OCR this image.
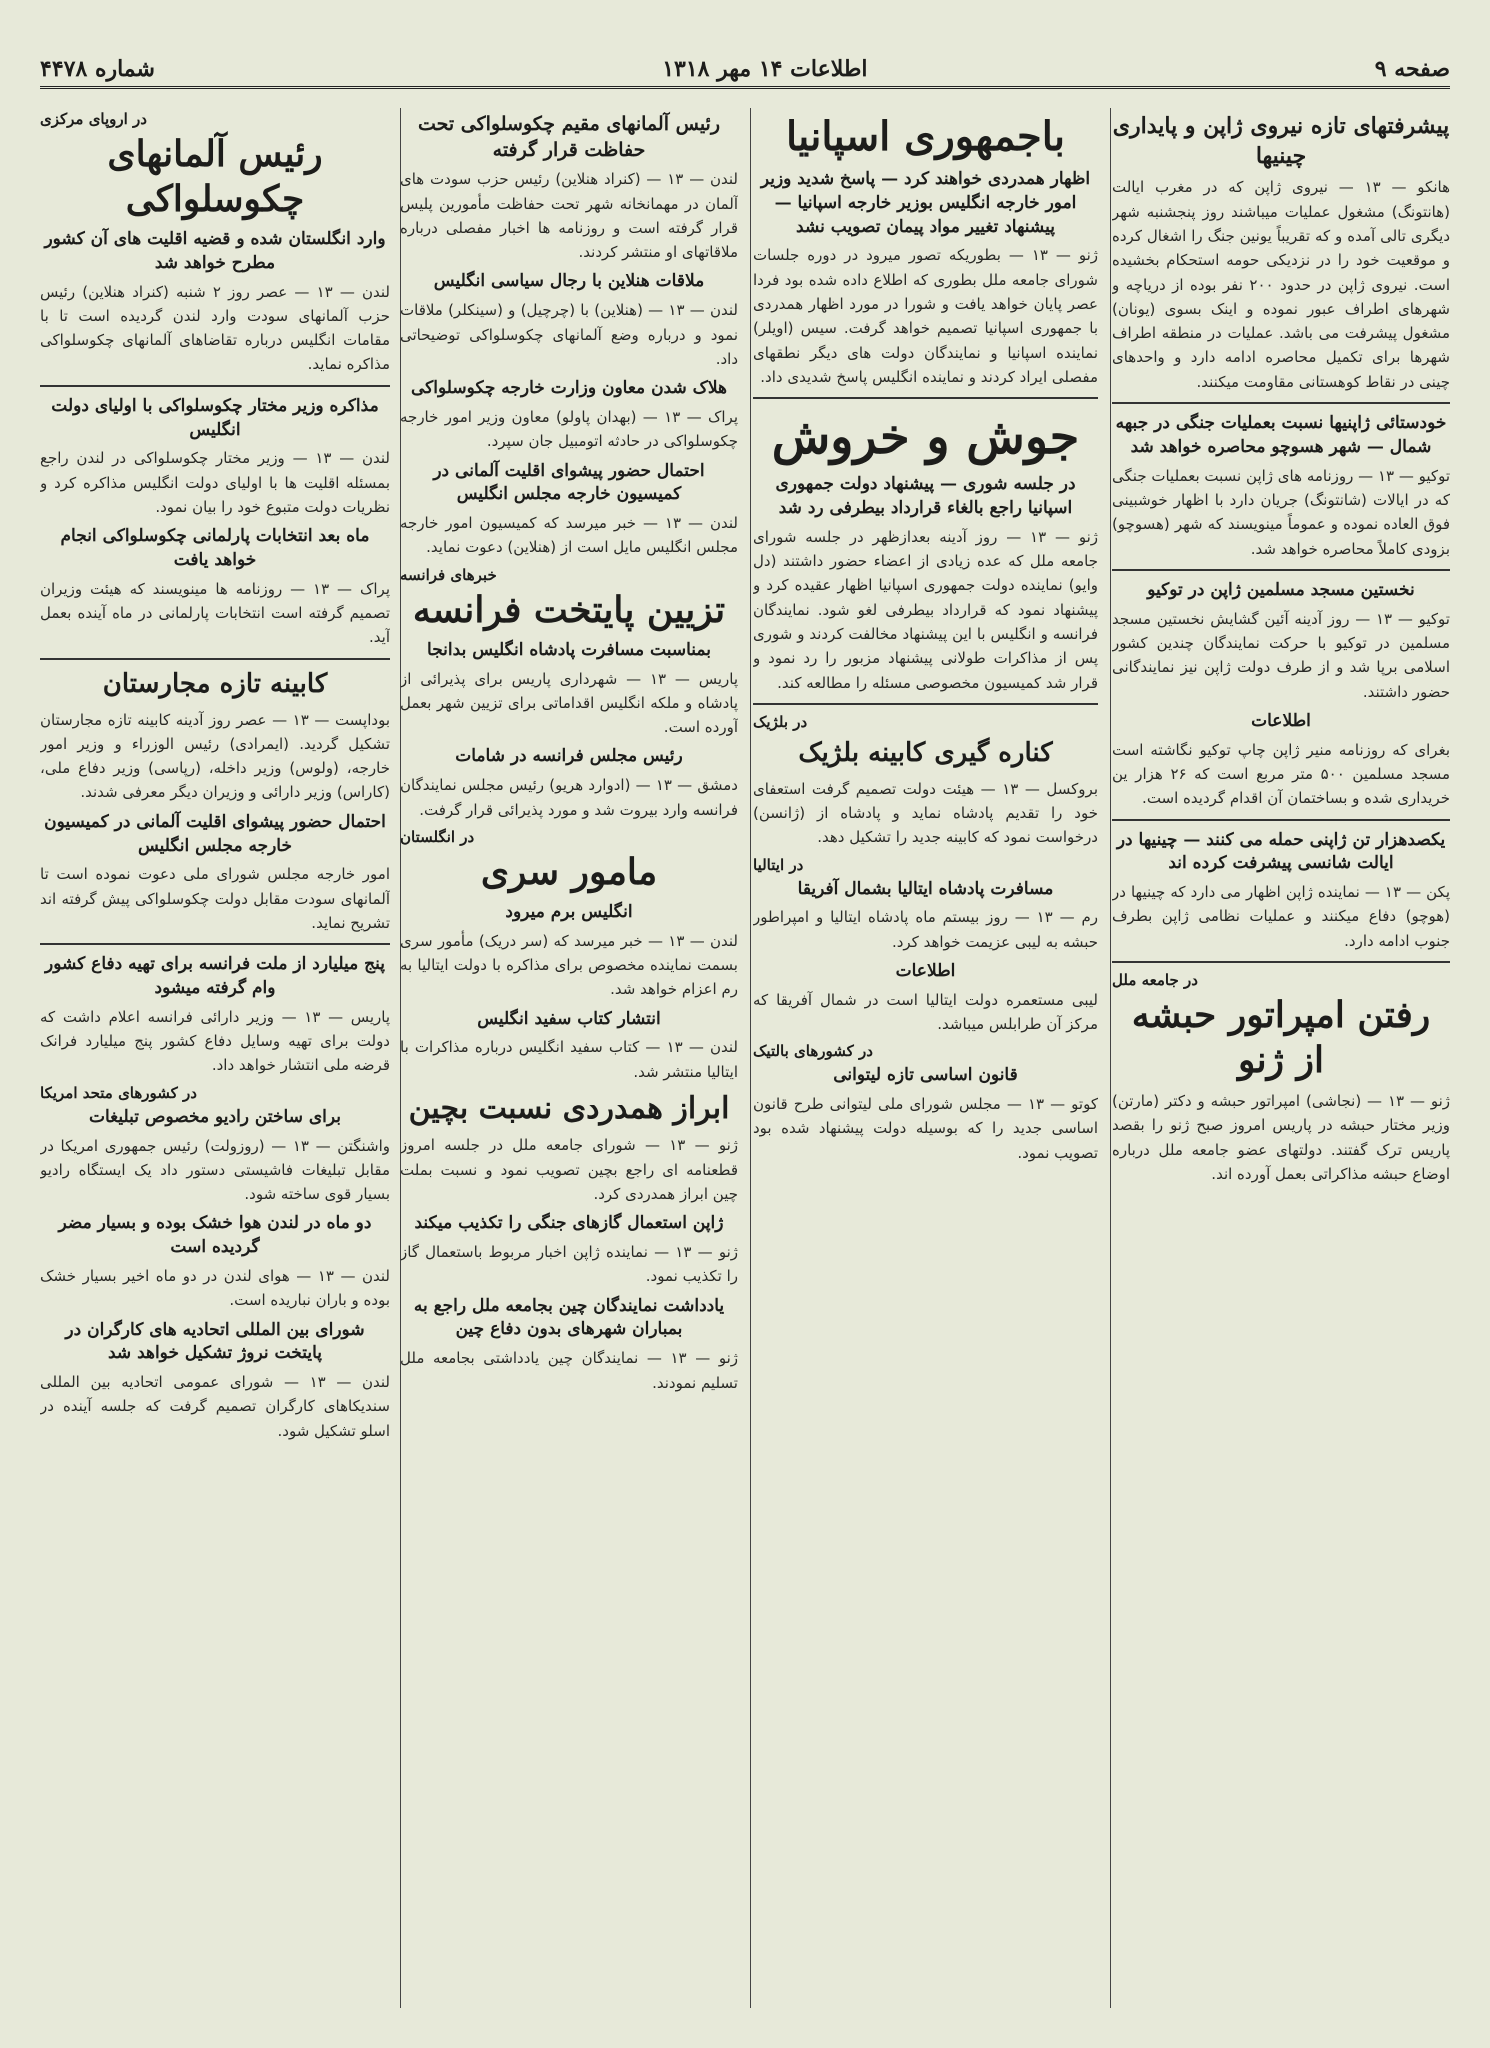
صفحه ۹
اطلاعات ۱۴ مهر ۱۳۱۸
شماره ۴۴۷۸
پیشرفتهای تازه نیروی ژاپن و پایداری چینیها
هانکو — ۱۳ — نیروی ژاپن که در مغرب ایالت (هانتونگ) مشغول عملیات میباشند روز پنجشنبه شهر دیگری تالی آمده و که تقریباً یونین جنگ را اشغال کرده و موقعیت خود را در نزدیکی حومه استحکام بخشیده است. نیروی ژاپن در حدود ۲۰۰ نفر بوده از دریاچه و شهرهای اطراف عبور نموده و اینک بسوی (یونان) مشغول پیشرفت می باشد. عملیات در منطقه اطراف شهرها برای تکمیل محاصره ادامه دارد و واحدهای چینی در نقاط کوهستانی مقاومت میکنند.
خودستائی ژاپنیها نسبت بعملیات جنگی در جبهه شمال — شهر هسوچو محاصره خواهد شد
توکیو — ۱۳ — روزنامه های ژاپن نسبت بعملیات جنگی که در ایالات (شانتونگ) جریان دارد با اظهار خوشبینی فوق العاده نموده و عموماً مینویسند که شهر (هسوچو) بزودی کاملاً محاصره خواهد شد.
نخستین مسجد مسلمین ژاپن در توکیو
توکیو — ۱۳ — روز آدینه آئین گشایش نخستین مسجد مسلمین در توکیو با حرکت نمایندگان چندین کشور اسلامی برپا شد و از طرف دولت ژاپن نیز نمایندگانی حضور داشتند.
اطلاعات
بغرای که روزنامه منیر ژاپن چاپ توکیو نگاشته است مسجد مسلمین ۵۰۰ متر مربع است که ۲۶ هزار ین خریداری شده و بساختمان آن اقدام گردیده است.
یکصدهزار تن ژاپنی حمله می کنند — چینیها در ایالت شانسی پیشرفت کرده اند
پکن — ۱۳ — نماینده ژاپن اظهار می دارد که چینیها در (هوچو) دفاع میکنند و عملیات نظامی ژاپن بطرف جنوب ادامه دارد.
در جامعه ملل
رفتن امپراتور حبشه از ژنو
ژنو — ۱۳ — (نجاشی) امپراتور حبشه و دکتر (مارتن) وزیر مختار حبشه در پاریس امروز صبح ژنو را بقصد پاریس ترک گفتند. دولتهای عضو جامعه ملل درباره اوضاع حبشه مذاکراتی بعمل آورده اند.
باجمهوری اسپانیا
اظهار همدردی خواهند کرد — پاسخ شدید وزیر امور خارجه انگلیس بوزیر خارجه اسپانیا — پیشنهاد تغییر مواد پیمان تصویب نشد
ژنو — ۱۳ — بطوریکه تصور میرود در دوره جلسات شورای جامعه ملل بطوری که اطلاع داده شده بود فردا عصر پایان خواهد یافت و شورا در مورد اظهار همدردی با جمهوری اسپانیا تصمیم خواهد گرفت. سیس (اویلر) نماینده اسپانیا و نمایندگان دولت های دیگر نطقهای مفصلی ایراد کردند و نماینده انگلیس پاسخ شدیدی داد.
جوش و خروش
در جلسه شوری — پیشنهاد دولت جمهوری اسپانیا راجع بالغاء قرارداد بیطرفی رد شد
ژنو — ۱۳ — روز آدینه بعدازظهر در جلسه شورای جامعه ملل که عده زیادی از اعضاء حضور داشتند (دل وایو) نماینده دولت جمهوری اسپانیا اظهار عقیده کرد و پیشنهاد نمود که قرارداد بیطرفی لغو شود. نمایندگان فرانسه و انگلیس با این پیشنهاد مخالفت کردند و شوری پس از مذاکرات طولانی پیشنهاد مزبور را رد نمود و قرار شد کمیسیون مخصوصی مسئله را مطالعه کند.
در بلژیک
کناره گیری کابینه بلژیک
بروکسل — ۱۳ — هیئت دولت تصمیم گرفت استعفای خود را تقدیم پادشاه نماید و پادشاه از (ژانسن) درخواست نمود که کابینه جدید را تشکیل دهد.
در ایتالیا
مسافرت پادشاه ایتالیا بشمال آفریقا
رم — ۱۳ — روز بیستم ماه پادشاه ایتالیا و امپراطور حبشه به لیبی عزیمت خواهد کرد.
اطلاعات
لیبی مستعمره دولت ایتالیا است در شمال آفریقا که مرکز آن طرابلس میباشد.
در کشورهای بالتیک
قانون اساسی تازه لیتوانی
کوتو — ۱۳ — مجلس شورای ملی لیتوانی طرح قانون اساسی جدید را که بوسیله دولت پیشنهاد شده بود تصویب نمود.
رئیس آلمانهای مقیم چکوسلواکی تحت حفاظت قرار گرفته
لندن — ۱۳ — (کنراد هنلاین) رئیس حزب سودت های آلمان در مهمانخانه شهر تحت حفاظت مأمورین پلیس قرار گرفته است و روزنامه ها اخبار مفصلی درباره ملاقاتهای او منتشر کردند.
ملاقات هنلاین با رجال سیاسی انگلیس
لندن — ۱۳ — (هنلاین) با (چرچیل) و (سینکلر) ملاقات نمود و درباره وضع آلمانهای چکوسلواکی توضیحاتی داد.
هلاک شدن معاون وزارت خارجه چکوسلواکی
پراک — ۱۳ — (بهدان پاولو) معاون وزیر امور خارجه چکوسلواکی در حادثه اتومبیل جان سپرد.
احتمال حضور پیشوای اقلیت آلمانی در کمیسیون خارجه مجلس انگلیس
لندن — ۱۳ — خبر میرسد که کمیسیون امور خارجه مجلس انگلیس مایل است از (هنلاین) دعوت نماید.
خبرهای فرانسه
تزیین پایتخت فرانسه
بمناسبت مسافرت پادشاه انگلیس بدانجا
پاریس — ۱۳ — شهرداری پاریس برای پذیرائی از پادشاه و ملکه انگلیس اقداماتی برای تزیین شهر بعمل آورده است.
رئیس مجلس فرانسه در شامات
دمشق — ۱۳ — (ادوارد هریو) رئیس مجلس نمایندگان فرانسه وارد بیروت شد و مورد پذیرائی قرار گرفت.
در انگلستان
مامور سری
انگلیس برم میرود
لندن — ۱۳ — خبر میرسد که (سر دریک) مأمور سری بسمت نماینده مخصوص برای مذاکره با دولت ایتالیا به رم اعزام خواهد شد.
انتشار کتاب سفید انگلیس
لندن — ۱۳ — کتاب سفید انگلیس درباره مذاکرات با ایتالیا منتشر شد.
ابراز همدردی نسبت بچین
ژنو — ۱۳ — شورای جامعه ملل در جلسه امروز قطعنامه ای راجع بچین تصویب نمود و نسبت بملت چین ابراز همدردی کرد.
ژاپن استعمال گازهای جنگی را تکذیب میکند
ژنو — ۱۳ — نماینده ژاپن اخبار مربوط باستعمال گاز را تکذیب نمود.
یادداشت نمایندگان چین بجامعه ملل راجع به بمباران شهرهای بدون دفاع چین
ژنو — ۱۳ — نمایندگان چین یادداشتی بجامعه ملل تسلیم نمودند.
در اروپای مرکزی
رئیس آلمانهای چکوسلواکی
وارد انگلستان شده و قضیه اقلیت های آن کشور مطرح خواهد شد
لندن — ۱۳ — عصر روز ۲ شنبه (کنراد هنلاین) رئیس حزب آلمانهای سودت وارد لندن گردیده است تا با مقامات انگلیس درباره تقاضاهای آلمانهای چکوسلواکی مذاکره نماید.
مذاکره وزیر مختار چکوسلواکی با اولیای دولت انگلیس
لندن — ۱۳ — وزیر مختار چکوسلواکی در لندن راجع بمسئله اقلیت ها با اولیای دولت انگلیس مذاکره کرد و نظریات دولت متبوع خود را بیان نمود.
ماه بعد انتخابات پارلمانی چکوسلواکی انجام خواهد یافت
پراک — ۱۳ — روزنامه ها مینویسند که هیئت وزیران تصمیم گرفته است انتخابات پارلمانی در ماه آینده بعمل آید.
کابینه تازه مجارستان
بوداپست — ۱۳ — عصر روز آدینه کابینه تازه مجارستان تشکیل گردید. (ایمرادی) رئیس الوزراء و وزیر امور خارجه، (ولوس) وزیر داخله، (رپاسی) وزیر دفاع ملی، (کاراس) وزیر دارائی و وزیران دیگر معرفی شدند.
احتمال حضور پیشوای اقلیت آلمانی در کمیسیون خارجه مجلس انگلیس
امور خارجه مجلس شورای ملی دعوت نموده است تا آلمانهای سودت مقابل دولت چکوسلواکی پیش گرفته اند تشریح نماید.
پنج میلیارد از ملت فرانسه برای تهیه دفاع کشور وام گرفته میشود
پاریس — ۱۳ — وزیر دارائی فرانسه اعلام داشت که دولت برای تهیه وسایل دفاع کشور پنج میلیارد فرانک قرضه ملی انتشار خواهد داد.
در کشورهای متحد امریکا
برای ساختن رادیو مخصوص تبلیغات
واشنگتن — ۱۳ — (روزولت) رئیس جمهوری امریکا در مقابل تبلیغات فاشیستی دستور داد یک ایستگاه رادیو بسیار قوی ساخته شود.
دو ماه در لندن هوا خشک بوده و بسیار مضر گردیده است
لندن — ۱۳ — هوای لندن در دو ماه اخیر بسیار خشک بوده و باران نباریده است.
شورای بین المللی اتحادیه های کارگران در پایتخت نروژ تشکیل خواهد شد
لندن — ۱۳ — شورای عمومی اتحادیه بین المللی سندیکاهای کارگران تصمیم گرفت که جلسه آینده در اسلو تشکیل شود.
